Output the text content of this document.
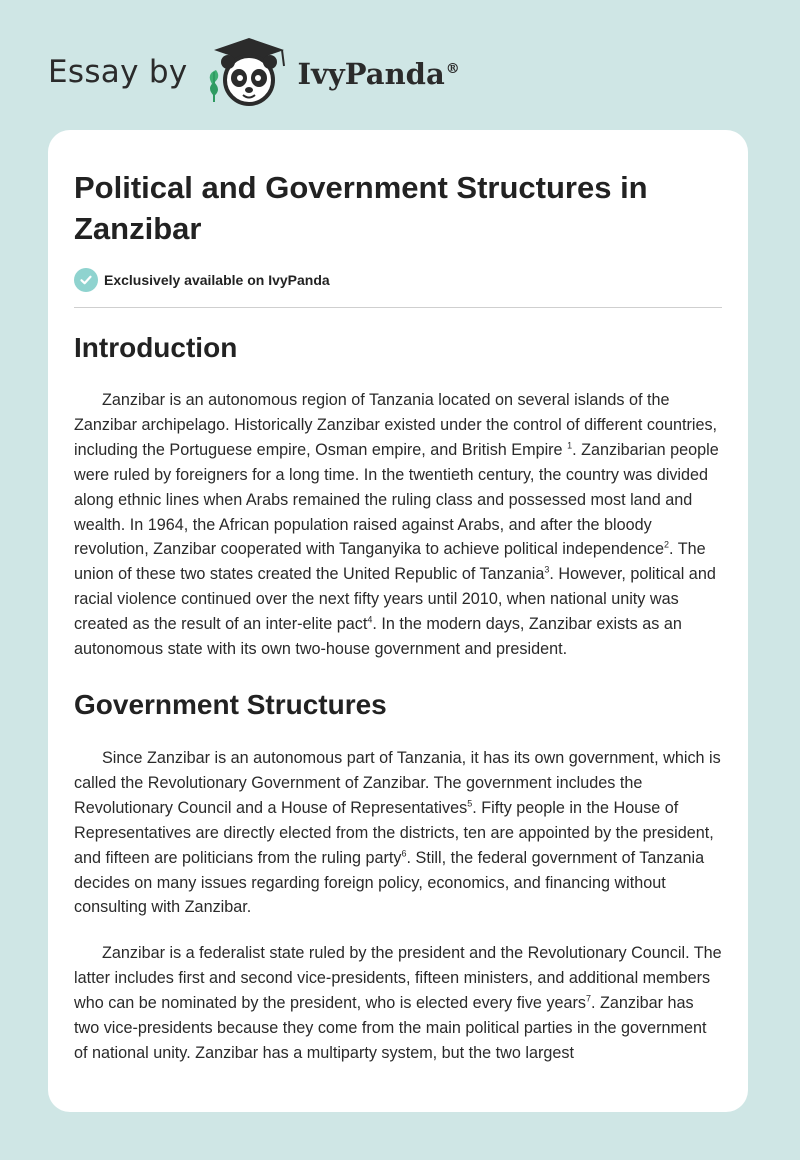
Essay by	IvyPanda®
Political and Government Structures in Zanzibar
Exclusively available on IvyPanda
Introduction

Zanzibar is an autonomous region of Tanzania located on several islands of the Zanzibar archipelago. Historically Zanzibar existed under the control of different countries, including the Portuguese empire, Osman empire, and British Empire $^1$. Zanzibarian people were ruled by foreigners for a long time. In the twentieth century, the country was divided along ethnic lines when Arabs remained the ruling class and possessed most land and wealth. In 1964, the African population raised against Arabs, and after the bloody revolution, Zanzibar cooperated with Tanganyika to achieve political independence$^2$. The union of these two states created the United Republic of Tanzania$^3$. However, political and racial violence continued over the next fifty years until 2010, when national unity was created as the result of an inter-elite pact$^4$. In the modern days, Zanzibar exists as an autonomous state with its own two-house government and president.

Government Structures

Since Zanzibar is an autonomous part of Tanzania, it has its own government, which is called the Revolutionary Government of Zanzibar. The government includes the Revolutionary Council and a House of Representatives$^5$. Fifty people in the House of Representatives are directly elected from the districts, ten are appointed by the president, and fifteen are politicians from the ruling party$^6$. Still, the federal government of Tanzania decides on many issues regarding foreign policy, economics, and financing without consulting with Zanzibar.

Zanzibar is a federalist state ruled by the president and the Revolutionary Council. The latter includes first and second vice-presidents, fifteen ministers, and additional members who can be nominated by the president, who is elected every five years$^7$. Zanzibar has two vice-presidents because they come from the main political parties in the government of national unity. Zanzibar has a multiparty system, but the two largest
